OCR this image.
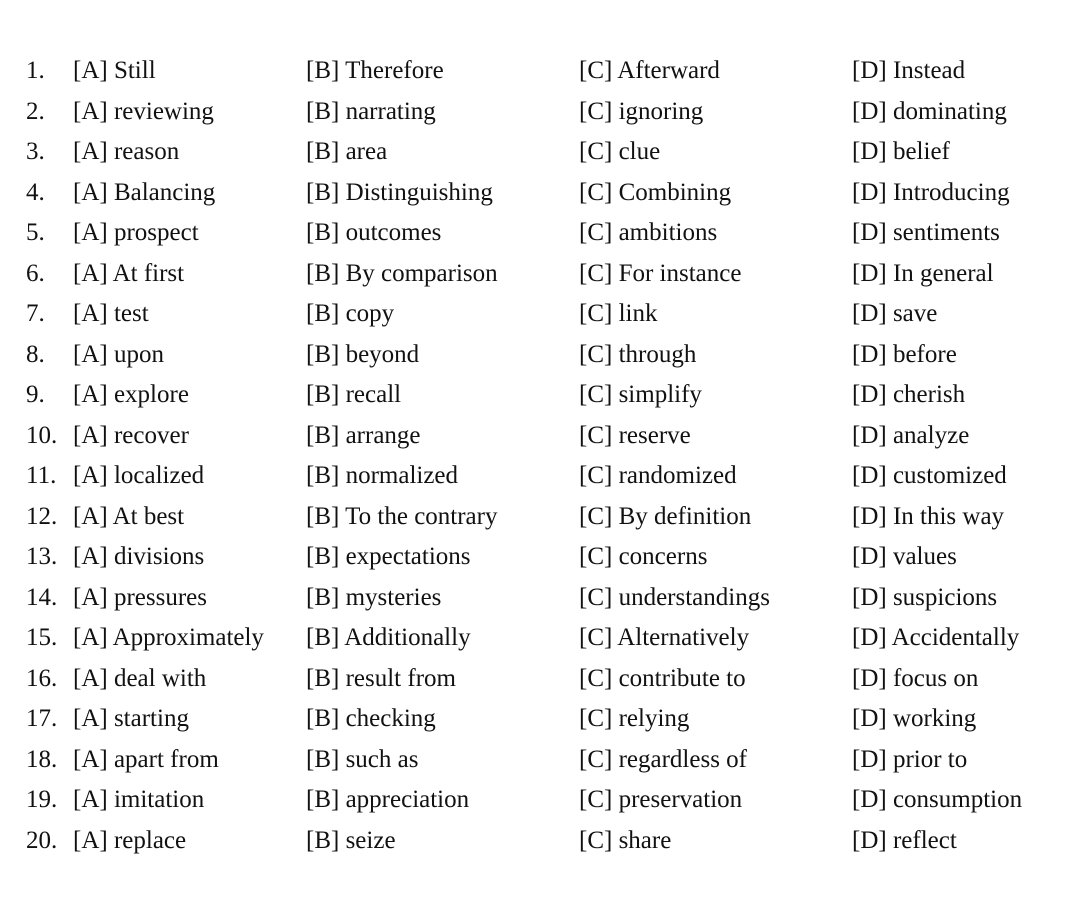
1. [A] Still	[B] Therefore	[C] Afterward	[D] Instead
2. [A] reviewing	[B] narrating	[C] ignoring	[D] dominating
3. [A] reason	[B] area	[C] clue	[D] belief
4. [A] Balancing	[B] Distinguishing	[C] Combining	[D] Introducing
5. [A] prospect	[B] outcomes	[C] ambitions	[D] sentiments
6. [A] At first	[B] By comparison	[C] For instance	[D] In general
7. [A] test	[B] copy	[C] link	[D] save
8. [A] upon	[B] beyond	[C] through	[D] before
9. [A] explore	[B] recall	[C] simplify	[D] cherish
10. [A] recover	[B] arrange	[C] reserve	[D] analyze
11. [A] localized	[B] normalized	[C] randomized	[D] customized
12. [A] At best	[B] To the contrary	[C] By definition	[D] In this way
13. [A] divisions	[B] expectations	[C] concerns	[D] values
14. [A] pressures	[B] mysteries	[C] understandings	[D] suspicions
15. [A] Approximately [B] Additionally	[C] Alternatively	[D] Accidentally
16. [A] deal with	[B] result from	[C] contribute to	[D] focus on
17. [A] starting	[B] checking	[C] relying	[D] working
18. [A] apart from	[B] such as	[C] regardless of	[D] prior to
19. [A] imitation	[B] appreciation	[C] preservation	[D] consumption
20. [A] replace	[B] seize	[C] share	[D] reflect
